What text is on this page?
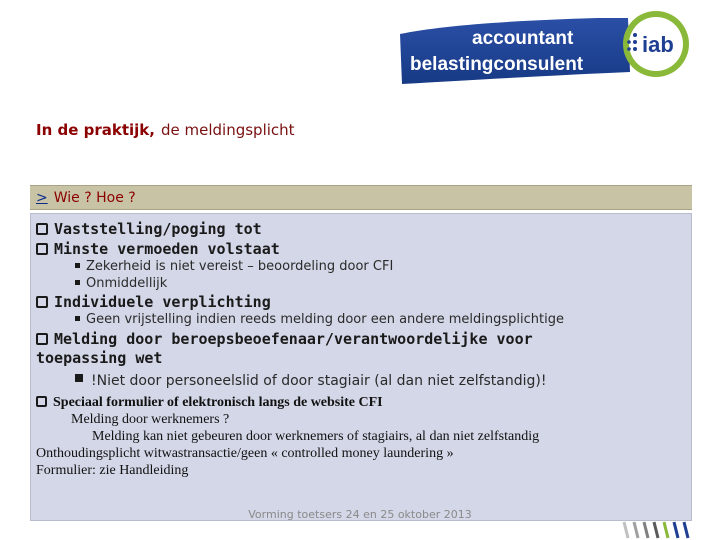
accountant
belastingconsulent
iab
In de praktijk, de meldingsplicht
> Wie ? Hoe ?
Vaststelling/poging tot
Minste vermoeden volstaat
Zekerheid is niet vereist – beoordeling door CFI
Onmiddellijk
Individuele verplichting
Geen vrijstelling indien reeds melding door een andere meldingsplichtige
Melding door beroepsbeoefenaar/verantwoordelijke voor
toepassing wet
!Niet door personeelslid of door stagiair (al dan niet zelfstandig)!
Speciaal formulier of elektronisch langs de website CFI
Melding door werknemers ?
Melding kan niet gebeuren door werknemers of stagiairs, al dan niet zelfstandig
Onthoudingsplicht witwastransactie/geen « controlled money laundering »
Formulier: zie Handleiding
Vorming toetsers 24 en 25 oktober 2013
